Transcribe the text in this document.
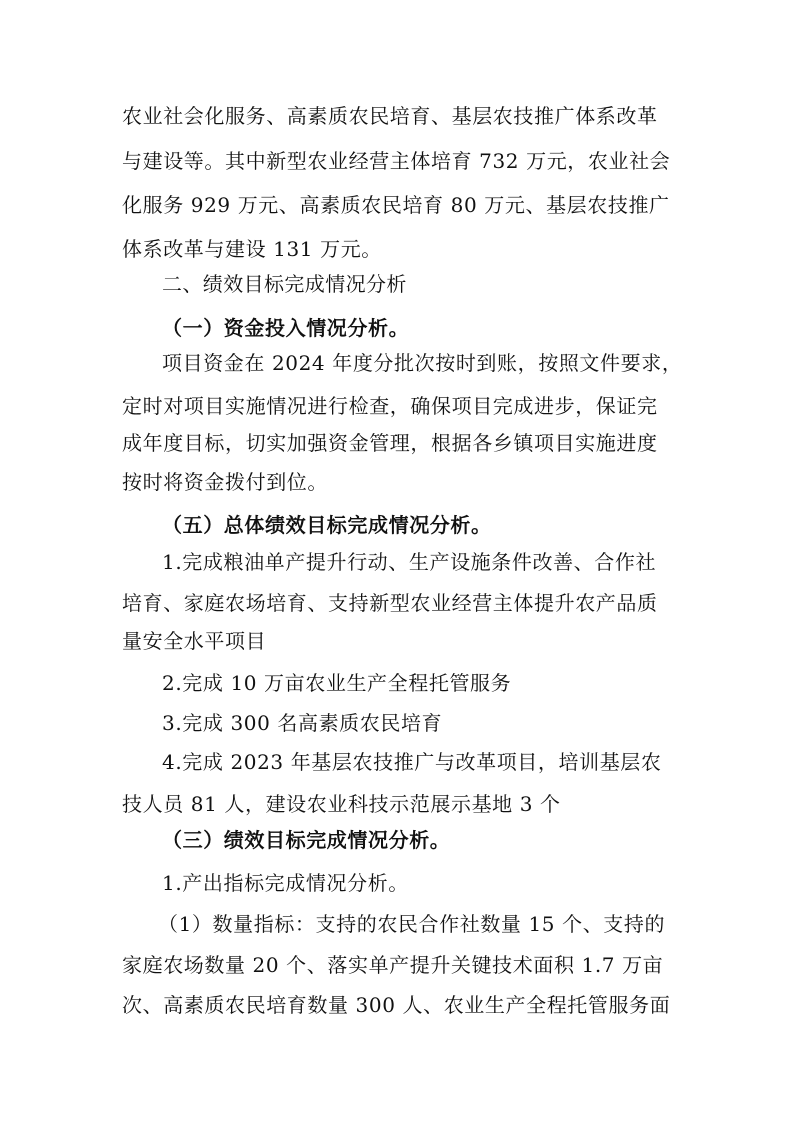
农业社会化服务、高素质农民培育、基层农技推广体系改革
与建设等。其中新型农业经营主体培育 732 万元，农业社会
化服务 929 万元、高素质农民培育 80 万元、基层农技推广
体系改革与建设 131 万元。
二、绩效目标完成情况分析
（一）资金投入情况分析。
项目资金在 2024 年度分批次按时到账，按照文件要求，
定时对项目实施情况进行检查，确保项目完成进步，保证完
成年度目标，切实加强资金管理，根据各乡镇项目实施进度
按时将资金拨付到位。
（五）总体绩效目标完成情况分析。
1.完成粮油单产提升行动、生产设施条件改善、合作社
培育、家庭农场培育、支持新型农业经营主体提升农产品质
量安全水平项目
2.完成 10 万亩农业生产全程托管服务
3.完成 300 名高素质农民培育
4.完成 2023 年基层农技推广与改革项目，培训基层农
技人员 81 人，建设农业科技示范展示基地 3 个
（三）绩效目标完成情况分析。
1.产出指标完成情况分析。
（1）数量指标：支持的农民合作社数量 15 个、支持的
家庭农场数量 20 个、落实单产提升关键技术面积 1.7 万亩
次、高素质农民培育数量 300 人、农业生产全程托管服务面
